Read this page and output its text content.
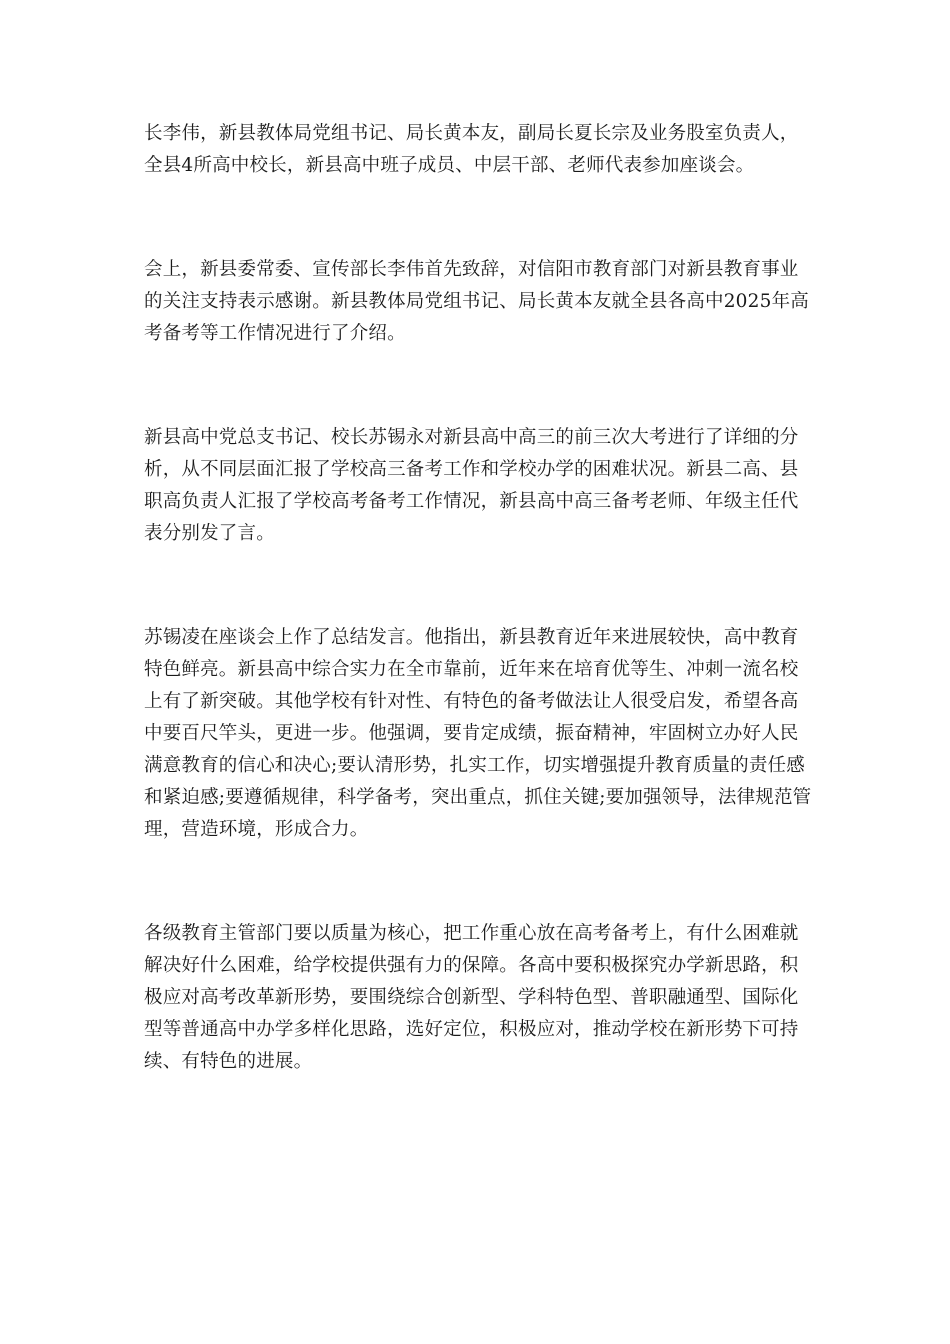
长李伟，新县教体局党组书记、局长黄本友，副局长夏长宗及业务股室负责人，全县4所高中校长，新县高中班子成员、中层干部、老师代表参加座谈会。

会上，新县委常委、宣传部长李伟首先致辞，对信阳市教育部门对新县教育事业的关注支持表示感谢。新县教体局党组书记、局长黄本友就全县各高中2025年高考备考等工作情况进行了介绍。

新县高中党总支书记、校长苏锡永对新县高中高三的前三次大考进行了详细的分析，从不同层面汇报了学校高三备考工作和学校办学的困难状况。新县二高、县职高负责人汇报了学校高考备考工作情况，新县高中高三备考老师、年级主任代表分别发了言。

苏锡凌在座谈会上作了总结发言。他指出，新县教育近年来进展较快，高中教育特色鲜亮。新县高中综合实力在全市靠前，近年来在培育优等生、冲刺一流名校上有了新突破。其他学校有针对性、有特色的备考做法让人很受启发，希望各高中要百尺竿头，更进一步。他强调，要肯定成绩，振奋精神，牢固树立办好人民满意教育的信心和决心;要认清形势，扎实工作，切实增强提升教育质量的责任感和紧迫感;要遵循规律，科学备考，突出重点，抓住关键;要加强领导，法律规范管理，营造环境，形成合力。

各级教育主管部门要以质量为核心，把工作重心放在高考备考上，有什么困难就解决好什么困难，给学校提供强有力的保障。各高中要积极探究办学新思路，积极应对高考改革新形势，要围绕综合创新型、学科特色型、普职融通型、国际化型等普通高中办学多样化思路，选好定位，积极应对，推动学校在新形势下可持续、有特色的进展。
